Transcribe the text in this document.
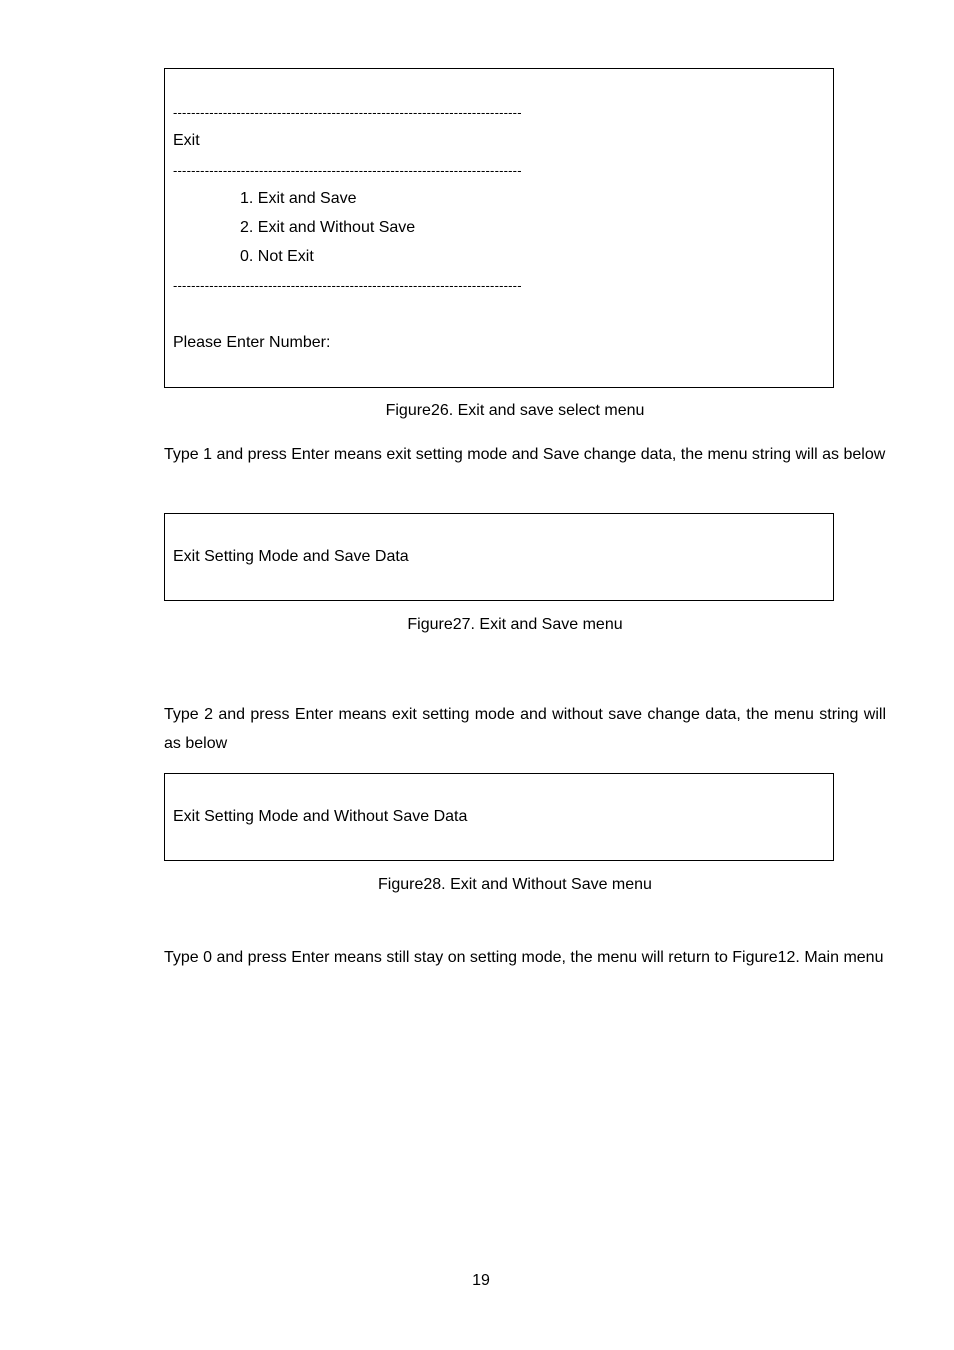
-----------------------------------------------------------------------------
Exit
-----------------------------------------------------------------------------
1. Exit and Save
2. Exit and Without Save
0. Not Exit
-----------------------------------------------------------------------------
Please Enter Number:
Figure26. Exit and save select menu
Type 1 and press Enter means exit setting mode and Save change data, the menu string will as below
Exit Setting Mode and Save Data
Figure27. Exit and Save menu
Type 2 and press Enter means exit setting mode and without save change data, the menu string will as below
Exit Setting Mode and Without Save Data
Figure28. Exit and Without Save menu
Type 0 and press Enter means still stay on setting mode, the menu will return to Figure12. Main menu
19
